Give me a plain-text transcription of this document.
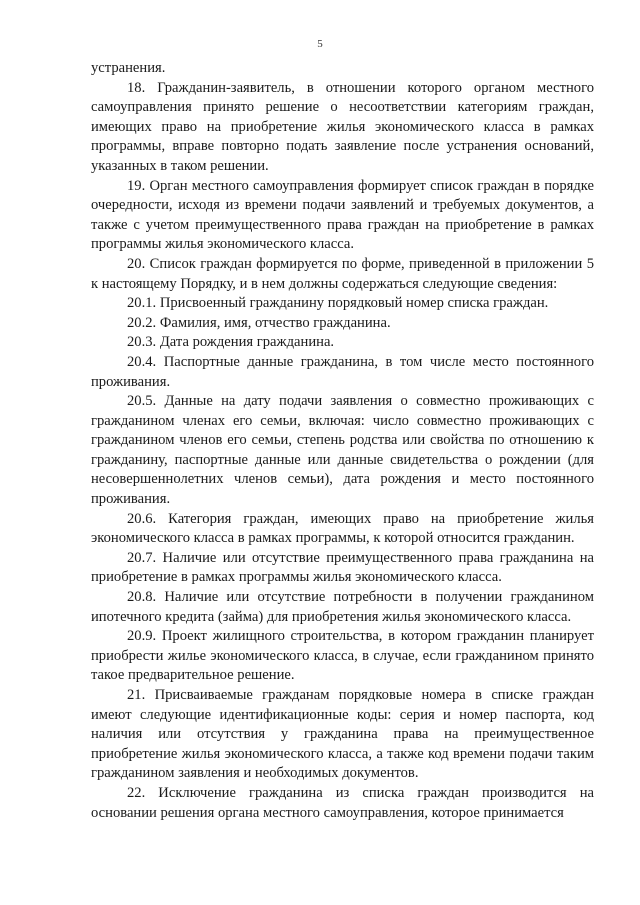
5

устранения.

18. Гражданин-заявитель, в отношении которого органом местного самоуправления принято решение о несоответствии категориям граждан, имеющих право на приобретение жилья экономического класса в рамках программы, вправе повторно подать заявление после устранения оснований, указанных в таком решении.

19. Орган местного самоуправления формирует список граждан в порядке очередности, исходя из времени подачи заявлений и требуемых документов, а также с учетом преимущественного права граждан на приобретение в рамках программы жилья экономического класса.

20. Список граждан формируется по форме, приведенной в приложении 5 к настоящему Порядку, и в нем должны содержаться следующие сведения:

20.1. Присвоенный гражданину порядковый номер списка граждан.

20.2. Фамилия, имя, отчество гражданина.

20.3. Дата рождения гражданина.

20.4. Паспортные данные гражданина, в том числе место постоянного проживания.

20.5. Данные на дату подачи заявления о совместно проживающих с гражданином членах его семьи, включая: число совместно проживающих с гражданином членов его семьи, степень родства или свойства по отношению к гражданину, паспортные данные или данные свидетельства о рождении (для несовершеннолетних членов семьи), дата рождения и место постоянного проживания.

20.6. Категория граждан, имеющих право на приобретение жилья экономического класса в рамках программы, к которой относится гражданин.

20.7. Наличие или отсутствие преимущественного права гражданина на приобретение в рамках программы жилья экономического класса.

20.8. Наличие или отсутствие потребности в получении гражданином ипотечного кредита (займа) для приобретения жилья экономического класса.

20.9. Проект жилищного строительства, в котором гражданин планирует приобрести жилье экономического класса, в случае, если гражданином принято такое предварительное решение.

21. Присваиваемые гражданам порядковые номера в списке граждан имеют следующие идентификационные коды: серия и номер паспорта, код наличия или отсутствия у гражданина права на преимущественное приобретение жилья экономического класса, а также код времени подачи таким гражданином заявления и необходимых документов.

22. Исключение гражданина из списка граждан производится на основании решения органа местного самоуправления, которое принимается
